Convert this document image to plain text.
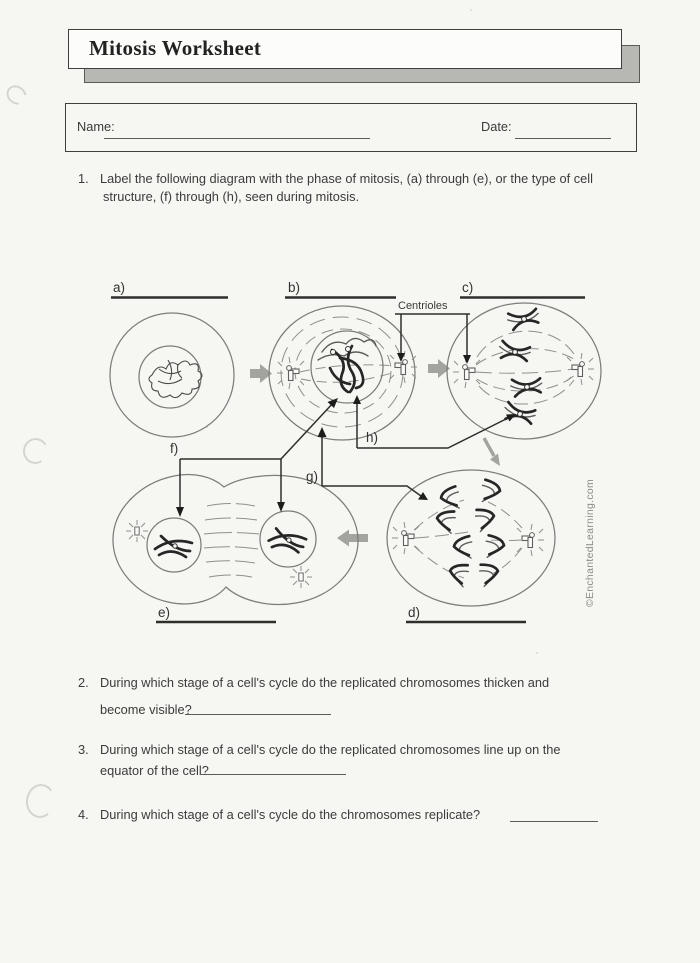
Mitosis Worksheet
Name:	Date:
1. Label the following diagram with the phase of mitosis, (a) through (e), or the type of cell
structure, (f) through (h), seen during mitosis.
a)	b)	c)
d)
e)
Centrioles
f)
g)
h)
©EnchantedLearning.com
2. During which stage of a cell's cycle do the replicated chromosomes thicken and
become visible?
3. During which stage of a cell's cycle do the replicated chromosomes line up on the
equator of the cell?
4. During which stage of a cell's cycle do the chromosomes replicate?
